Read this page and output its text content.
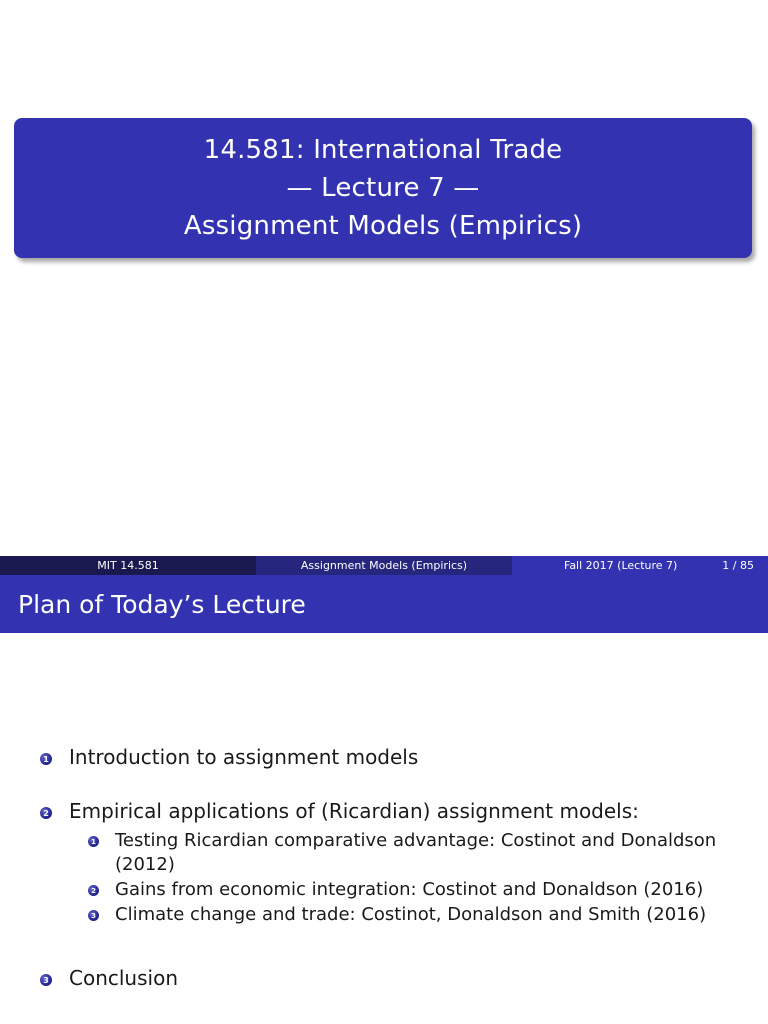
14.581: International Trade
— Lecture 7 —
Assignment Models (Empirics)
MIT 14.581	Assignment Models (Empirics)	Fall 2017 (Lecture 7)	1 / 85
Plan of Today’s Lecture
1 Introduction to assignment models
2 Empirical applications of (Ricardian) assignment models:
1 Testing Ricardian comparative advantage: Costinot and Donaldson (2012)
2 Gains from economic integration: Costinot and Donaldson (2016)
3 Climate change and trade: Costinot, Donaldson and Smith (2016)
3 Conclusion
